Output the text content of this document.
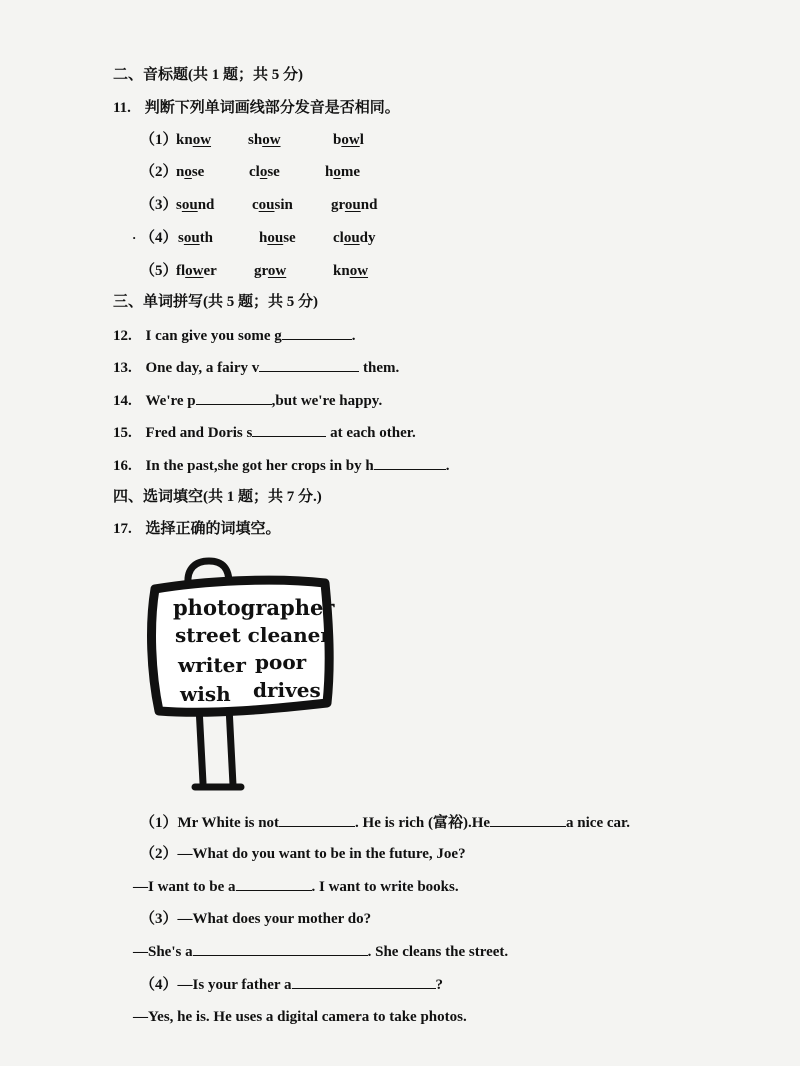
二、音标题(共 1 题；共 5 分)
11. 判断下列单词画线部分发音是否相同。
（1）
know show	bowl
（2）
nose	close	home
（3）
sound	cousin	ground
（4） south	house cloudy
（5）
flower grow	know
·
三、单词拼写(共 5 题；共 5 分)
12. I can give you some g	.
13. One day, a fairy v	them.
14. We're p	,but we're happy.
15. Fred and Doris s	at each other.
16. In the past,she got her crops in by h	.
四、选词填空(共 1 题；共 7 分.)
17. 选择正确的词填空。
photographer
street cleaner
writer poor
wish drives
（1）Mr White is not	. He is rich (富裕).He	a nice car.
（2）—What do you want to be in the future, Joe?
—I want to be a	. I want to write books.
（3）—What does your mother do?
—She's a	. She cleans the street.
（4）—Is your father a	?
—Yes, he is. He uses a digital camera to take photos.
